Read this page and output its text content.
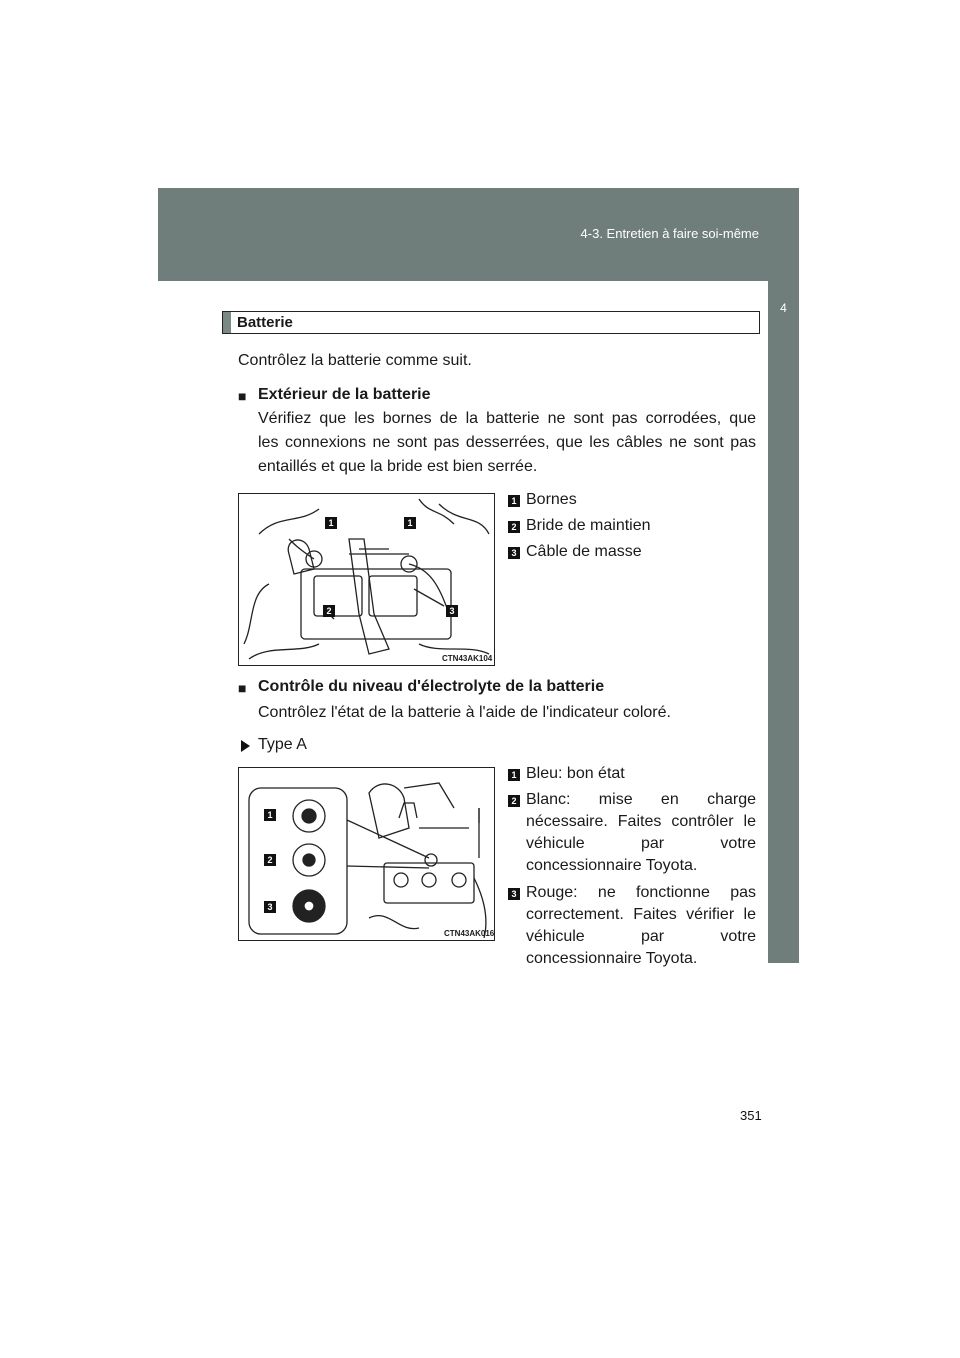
4-3. Entretien à faire soi-même
4
Entretien et soin
Batterie
Contrôlez la batterie comme suit.
■ Extérieur de la batterie
Vérifiez que les bornes de la batterie ne sont pas corrodées, que
les connexions ne sont pas desserrées, que les câbles ne sont pas
entaillés et que la bride est bien serrée.
1	1
2	3
CTN43AK104
1 Bornes
2 Bride de maintien
3 Câble de masse
■ Contrôle du niveau d'électrolyte de la batterie
Contrôlez l'état de la batterie à l'aide de l'indicateur coloré.
Type A
1
2
3
CTN43AK016
1 Bleu: bon état
2 Blanc: mise en charge
nécessaire. Faites contrôler le
véhicule par votre
concessionnaire Toyota.
3 Rouge: ne fonctionne pas
correctement. Faites vérifier le
véhicule par votre
concessionnaire Toyota.
351
